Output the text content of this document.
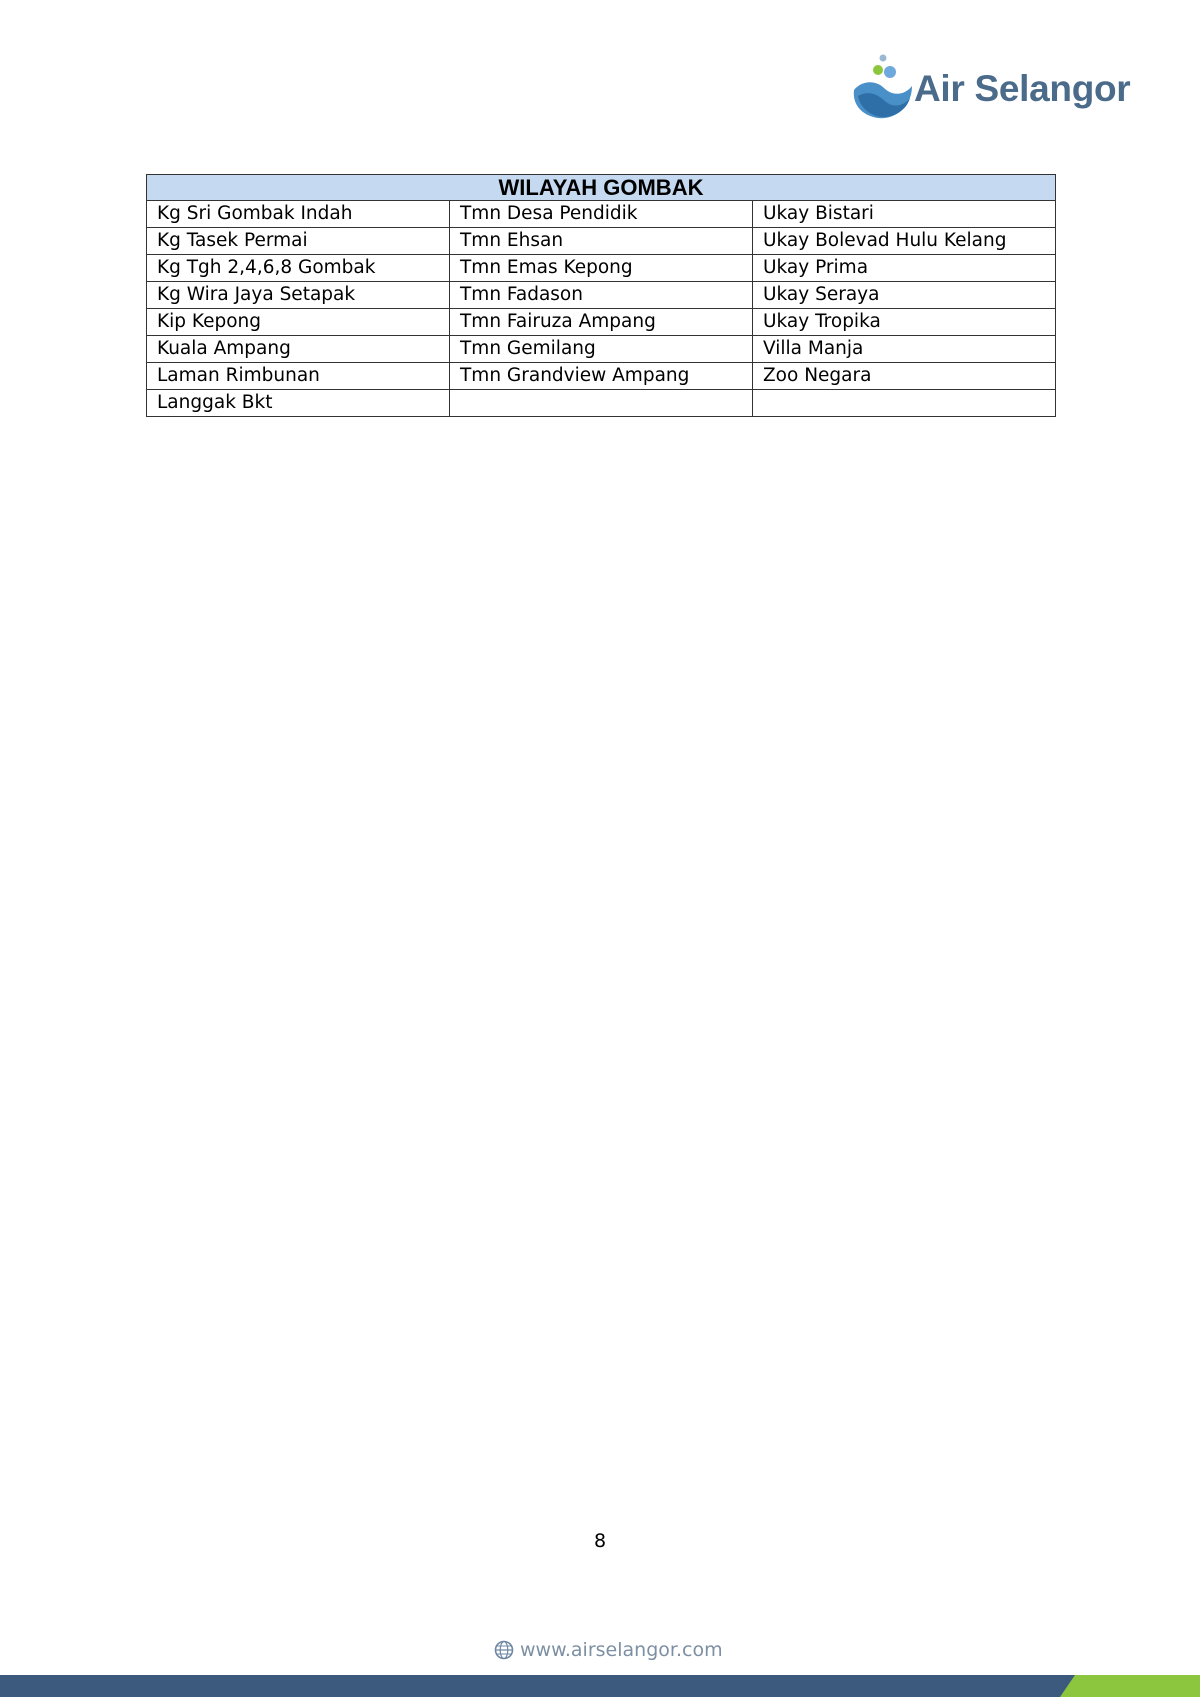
Air Selangor
WILAYAH GOMBAK		
Kg Sri Gombak Indah	Tmn Desa Pendidik	Ukay Bistari
Kg Tasek Permai	Tmn Ehsan	Ukay Bolevad Hulu Kelang
Kg Tgh 2,4,6,8 Gombak	Tmn Emas Kepong	Ukay Prima
Kg Wira Jaya Setapak	Tmn Fadason	Ukay Seraya
Kip Kepong	Tmn Fairuza Ampang	Ukay Tropika
Kuala Ampang	Tmn Gemilang	Villa Manja
Laman Rimbunan	Tmn Grandview Ampang	Zoo Negara
Langgak Bkt		
8
www.airselangor.com
